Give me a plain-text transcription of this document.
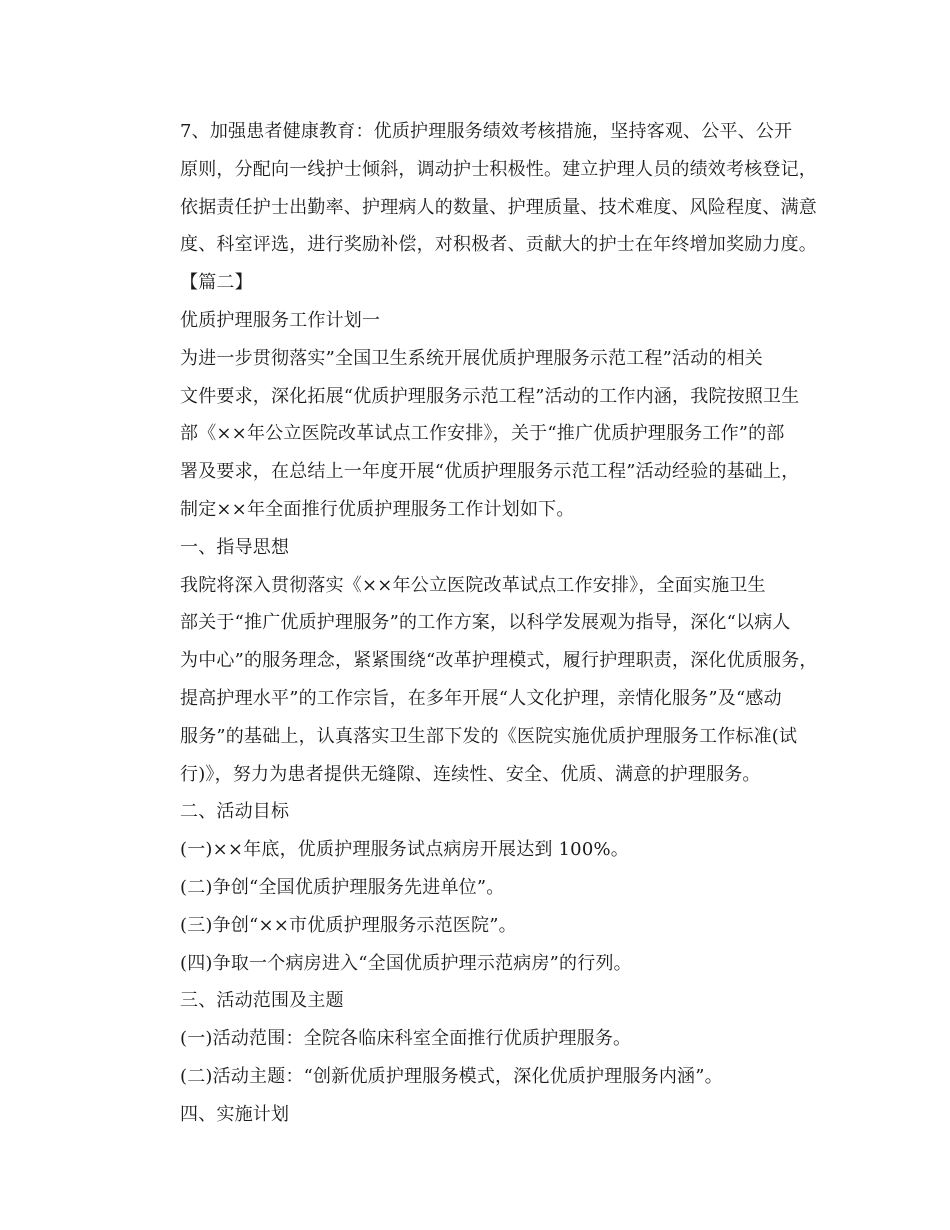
7、加强患者健康教育：优质护理服务绩效考核措施，坚持客观、公平、公开
原则，分配向一线护士倾斜，调动护士积极性。建立护理人员的绩效考核登记，
依据责任护士出勤率、护理病人的数量、护理质量、技术难度、风险程度、满意
度、科室评选，进行奖励补偿，对积极者、贡献大的护士在年终增加奖励力度。

【篇二】

优质护理服务工作计划一

为进一步贯彻落实”全国卫生系统开展优质护理服务示范工程”活动的相关
文件要求，深化拓展“优质护理服务示范工程”活动的工作内涵，我院按照卫生
部《××年公立医院改革试点工作安排》，关于“推广优质护理服务工作”的部
署及要求，在总结上一年度开展“优质护理服务示范工程”活动经验的基础上，
制定××年全面推行优质护理服务工作计划如下。

一、指导思想

我院将深入贯彻落实《××年公立医院改革试点工作安排》，全面实施卫生
部关于“推广优质护理服务”的工作方案，以科学发展观为指导，深化“以病人
为中心”的服务理念，紧紧围绕“改革护理模式，履行护理职责，深化优质服务，
提高护理水平”的工作宗旨，在多年开展“人文化护理，亲情化服务”及“感动
服务”的基础上，认真落实卫生部下发的《医院实施优质护理服务工作标准(试
行)》，努力为患者提供无缝隙、连续性、安全、优质、满意的护理服务。

二、活动目标

(一)××年底，优质护理服务试点病房开展达到 100%。

(二)争创“全国优质护理服务先进单位”。

(三)争创“××市优质护理服务示范医院”。

(四)争取一个病房进入“全国优质护理示范病房”的行列。

三、活动范围及主题

(一)活动范围：全院各临床科室全面推行优质护理服务。

(二)活动主题：“创新优质护理服务模式，深化优质护理服务内涵”。

四、实施计划
